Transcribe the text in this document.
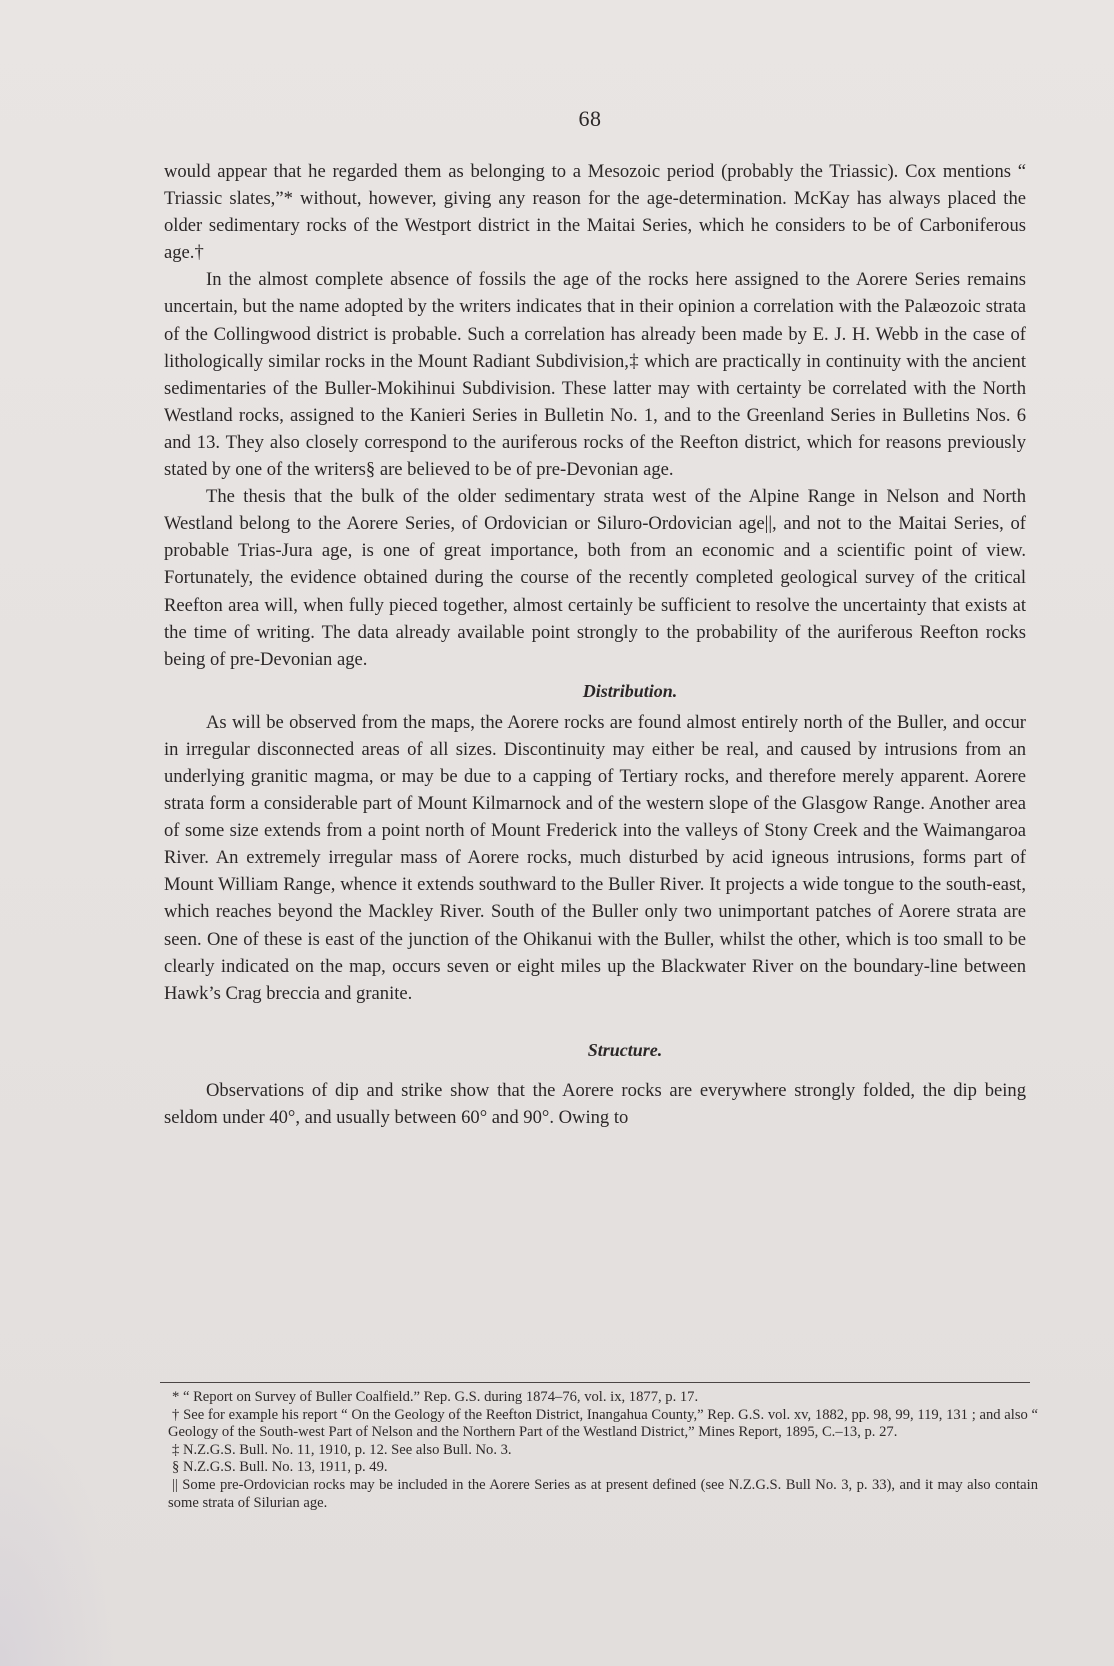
68

would appear that he regarded them as belonging to a Mesozoic period (probably the Triassic). Cox mentions “ Triassic slates,”* without, however, giving any reason for the age-determination. McKay has always placed the older sedimentary rocks of the Westport district in the Maitai Series, which he considers to be of Carboniferous age.†

In the almost complete absence of fossils the age of the rocks here assigned to the Aorere Series remains uncertain, but the name adopted by the writers indicates that in their opinion a correlation with the Palæozoic strata of the Collingwood district is probable. Such a correlation has already been made by E. J. H. Webb in the case of lithologically similar rocks in the Mount Radiant Subdivision,‡ which are practically in continuity with the ancient sedimentaries of the Buller-Mokihinui Subdivision. These latter may with certainty be correlated with the North Westland rocks, assigned to the Kanieri Series in Bulletin No. 1, and to the Greenland Series in Bulletins Nos. 6 and 13. They also closely correspond to the auriferous rocks of the Reefton district, which for reasons previously stated by one of the writers§ are believed to be of pre-Devonian age.

The thesis that the bulk of the older sedimentary strata west of the Alpine Range in Nelson and North Westland belong to the Aorere Series, of Ordovician or Siluro-Ordovician age||, and not to the Maitai Series, of probable Trias-Jura age, is one of great importance, both from an economic and a scientific point of view. Fortunately, the evidence obtained during the course of the recently completed geological survey of the critical Reefton area will, when fully pieced together, almost certainly be sufficient to resolve the uncertainty that exists at the time of writing. The data already available point strongly to the probability of the auriferous Reefton rocks being of pre-Devonian age.

Distribution.

As will be observed from the maps, the Aorere rocks are found almost entirely north of the Buller, and occur in irregular disconnected areas of all sizes. Discontinuity may either be real, and caused by intrusions from an underlying granitic magma, or may be due to a capping of Tertiary rocks, and therefore merely apparent. Aorere strata form a considerable part of Mount Kilmarnock and of the western slope of the Glasgow Range. Another area of some size extends from a point north of Mount Frederick into the valleys of Stony Creek and the Waimangaroa River. An extremely irregular mass of Aorere rocks, much disturbed by acid igneous intrusions, forms part of Mount William Range, whence it extends southward to the Buller River. It projects a wide tongue to the south-east, which reaches beyond the Mackley River. South of the Buller only two unimportant patches of Aorere strata are seen. One of these is east of the junction of the Ohikanui with the Buller, whilst the other, which is too small to be clearly indicated on the map, occurs seven or eight miles up the Blackwater River on the boundary-line between Hawk’s Crag breccia and granite.

Structure.

Observations of dip and strike show that the Aorere rocks are everywhere strongly folded, the dip being seldom under 40°, and usually between 60° and 90°. Owing to

* “ Report on Survey of Buller Coalfield.” Rep. G.S. during 1874–76, vol. ix, 1877, p. 17.

† See for example his report “ On the Geology of the Reefton District, Inangahua County,” Rep. G.S. vol. xv, 1882, pp. 98, 99, 119, 131 ; and also “ Geology of the South-west Part of Nelson and the Northern Part of the Westland District,” Mines Report, 1895, C.–13, p. 27.

‡ N.Z.G.S. Bull. No. 11, 1910, p. 12. See also Bull. No. 3.

§ N.Z.G.S. Bull. No. 13, 1911, p. 49.

|| Some pre-Ordovician rocks may be included in the Aorere Series as at present defined (see N.Z.G.S. Bull No. 3, p. 33), and it may also contain some strata of Silurian age.
